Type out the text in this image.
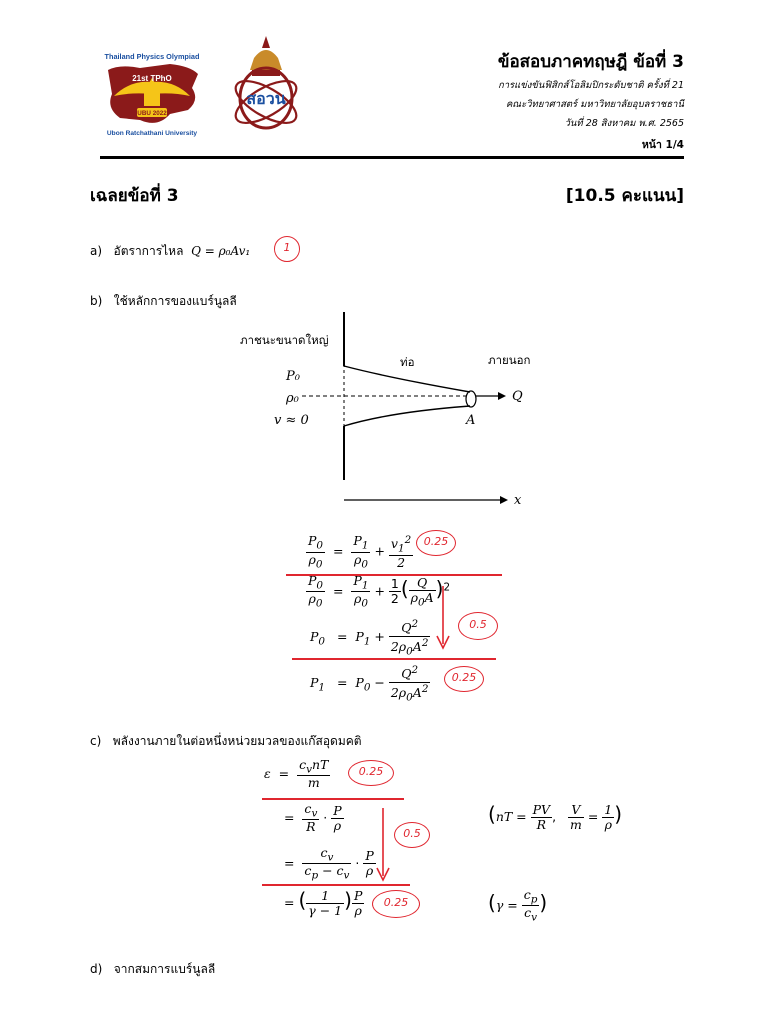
Thailand Physics Olympiad
21st TPhO
UBU 2022
Ubon Ratchathani University
สอวน
ข้อสอบภาคทฤษฎี ข้อที่ 3
การแข่งขันฟิสิกส์โอลิมปิกระดับชาติ ครั้งที่ 21
คณะวิทยาศาสตร์ มหาวิทยาลัยอุบลราชธานี
วันที่ 28 สิงหาคม พ.ศ. 2565
หน้า 1/4
เฉลยข้อที่ 3	[10.5 คะแนน]
a) อัตราการไหล Q = ρ₀Av₁	1
b) ใช้หลักการของแบร์นูลลี
ภาชนะขนาดใหญ่
ท่อ	ภายนอก
P₀
ρ₀
v ≈ 0
Q
A
x
$\frac{P_0}{\rho_0} = \frac{P_1}{\rho_0} + \frac{v_1^2}{2}$
$\frac{P_0}{\rho_0} = \frac{P_1}{\rho_0} + \frac{1}{2}$ ( $\frac{Q}{\rho_0A} )^2$
$P_0 = P_1 + \frac{Q^2}{2\rho_0A^2}$
$P_1 = P_0 - \frac{Q^2}{2\rho_0A^2}$
0.25
0.5
0.25
c) พลังงานภายในต่อหนึ่งหน่วยมวลของแก๊สอุดมคติ
$\varepsilon = \frac{c_vnT}{m}$
= $\frac{c_v}{R} \cdot \frac{P}{\rho}$
= $\frac{c_v}{c_p - c_v} \cdot \frac{P}{\rho}$
= ( $\frac{1}{\gamma - 1}$ ) $\frac{P}{\rho}$
($nT = \frac{PV}{R}$ , $\frac{V}{m} = \frac{1}{\rho}$ )
($\gamma = \frac{c_p}{c_v}$ )
0.25
0.5
0.25
d) จากสมการแบร์นูลลี
